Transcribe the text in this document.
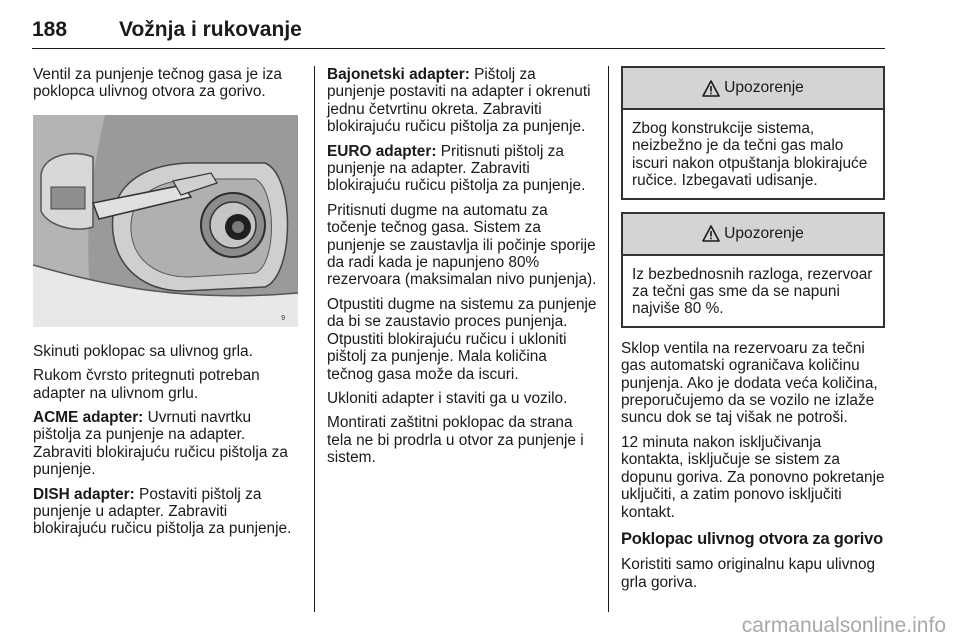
188 Vožnja i rukovanje

Ventil za punjenje tečnog gasa je iza poklopca ulivnog otvora za gorivo.

9

Skinuti poklopac sa ulivnog grla.

Rukom čvrsto pritegnuti potreban adapter na ulivnom grlu.

ACME adapter: Uvrnuti navrtku pištolja za punjenje na adapter. Zabraviti blokirajuću ručicu pištolja za punjenje.

DISH adapter: Postaviti pištolj za punjenje u adapter. Zabraviti blokirajuću ručicu pištolja za punjenje.

Bajonetski adapter: Pištolj za punjenje postaviti na adapter i okrenuti jednu četvrtinu okreta. Zabraviti blokirajuću ručicu pištolja za punjenje.

EURO adapter: Pritisnuti pištolj za punjenje na adapter. Zabraviti blokirajuću ručicu pištolja za punjenje.

Pritisnuti dugme na automatu za točenje tečnog gasa. Sistem za punjenje se zaustavlja ili počinje sporije da radi kada je napunjeno 80% rezervoara (maksimalan nivo punjenja).

Otpustiti dugme na sistemu za punjenje da bi se zaustavio proces punjenja. Otpustiti blokirajuću ručicu i ukloniti pištolj za punjenje. Mala količina tečnog gasa može da iscuri.

Ukloniti adapter i staviti ga u vozilo.

Montirati zaštitni poklopac da strana tela ne bi prodrla u otvor za punjenje i sistem.

Upozorenje

Zbog konstrukcije sistema, neizbežno je da tečni gas malo iscuri nakon otpuštanja blokirajuće ručice. Izbegavati udisanje.

Upozorenje

Iz bezbednosnih razloga, rezervoar za tečni gas sme da se napuni najviše 80 %.

Sklop ventila na rezervoaru za tečni gas automatski ograničava količinu punjenja. Ako je dodata veća količina, preporučujemo da se vozilo ne izlaže suncu dok se taj višak ne potroši.

12 minuta nakon isključivanja kontakta, isključuje se sistem za dopunu goriva. Za ponovno pokretanje uključiti, a zatim ponovo isključiti kontakt.

Poklopac ulivnog otvora za gorivo

Koristiti samo originalnu kapu ulivnog grla goriva.

carmanualsonline.info
